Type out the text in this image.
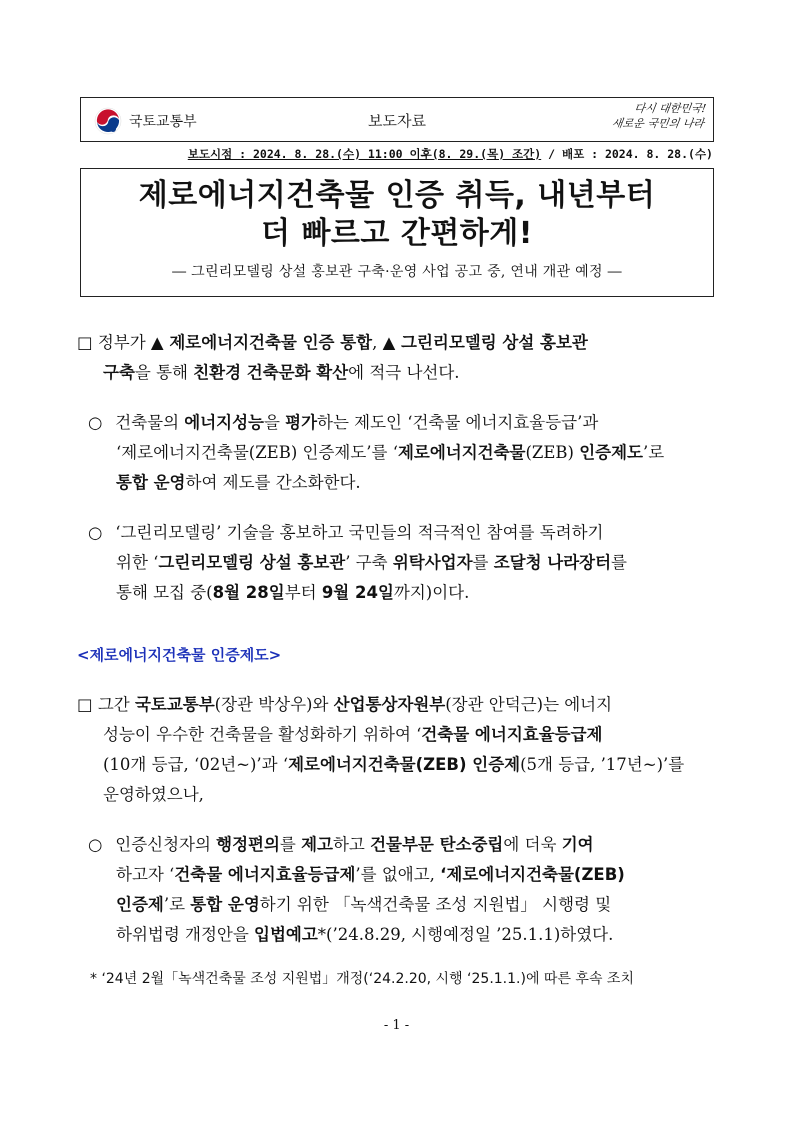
국토교통부	보도자료
다시 대한민국!
새로운 국민의 나라
보도시점 : 2024. 8. 28.(수) 11:00 이후(8. 29.(목) 조간) / 배포 : 2024. 8. 28.(수)
제로에너지건축물 인증 취득, 내년부터
더 빠르고 간편하게!
― 그린리모델링 상설 홍보관 구축·운영 사업 공고 중, 연내 개관 예정 ―
□ 정부가 ▲ 제로에너지건축물 인증 통합, ▲ 그린리모델링 상설 홍보관
구축을 통해 친환경 건축문화 확산에 적극 나선다.
○ 건축물의 에너지성능을 평가하는 제도인 ‘건축물 에너지효율등급’과
‘제로에너지건축물(ZEB) 인증제도’를 ‘제로에너지건축물(ZEB) 인증제도’로
통합 운영하여 제도를 간소화한다.
○ ‘그린리모델링’ 기술을 홍보하고 국민들의 적극적인 참여를 독려하기
위한 ‘그린리모델링 상설 홍보관’ 구축 위탁사업자를 조달청 나라장터를
통해 모집 중(8월 28일부터 9월 24일까지)이다.
<제로에너지건축물 인증제도>
□ 그간 국토교통부(장관 박상우)와 산업통상자원부(장관 안덕근)는 에너지
성능이 우수한 건축물을 활성화하기 위하여 ‘건축물 에너지효율등급제
(10개 등급, ‘02년~)’과 ‘제로에너지건축물(ZEB) 인증제(5개 등급, ’17년~)’를
운영하였으나,
○ 인증신청자의 행정편의를 제고하고 건물부문 탄소중립에 더욱 기여
하고자 ‘건축물 에너지효율등급제’를 없애고, ‘제로에너지건축물(ZEB)
인증제’로 통합 운영하기 위한 「녹색건축물 조성 지원법」 시행령 및
하위법령 개정안을 입법예고*(’24.8.29, 시행예정일 ’25.1.1)하였다.
* ‘24년 2월「녹색건축물 조성 지원법」개정(‘24.2.20, 시행 ‘25.1.1.)에 따른 후속 조치
- 1 -
